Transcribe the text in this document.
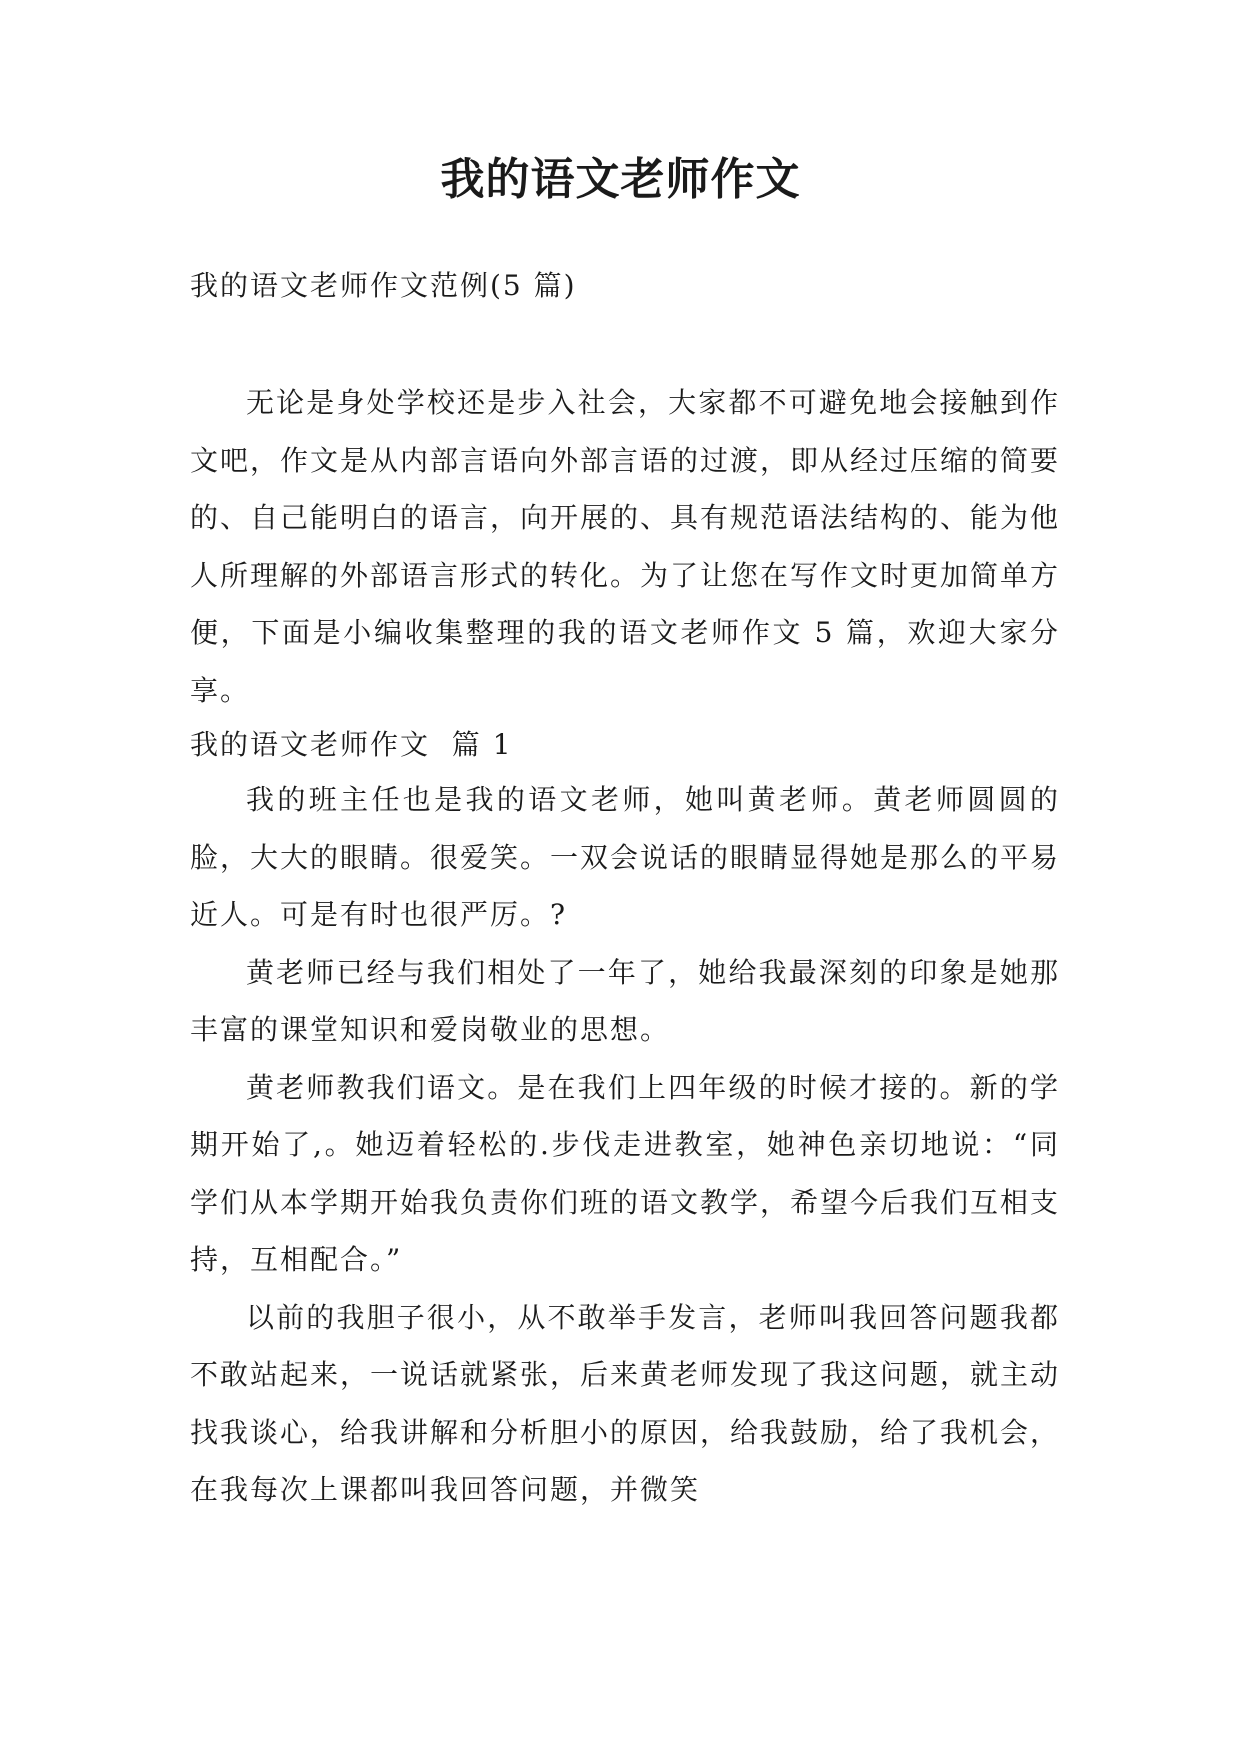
我的语文老师作文

我的语文老师作文范例(5 篇)

无论是身处学校还是步入社会，大家都不可避免地会接触到作文吧，作文是从内部言语向外部言语的过渡，即从经过压缩的简要的、自己能明白的语言，向开展的、具有规范语法结构的、能为他人所理解的外部语言形式的转化。为了让您在写作文时更加简单方便，下面是小编收集整理的我的语文老师作文 5 篇，欢迎大家分享。

我的语文老师作文  篇 1

我的班主任也是我的语文老师，她叫黄老师。黄老师圆圆的脸，大大的眼睛。很爱笑。一双会说话的眼睛显得她是那么的平易近人。可是有时也很严厉。?

黄老师已经与我们相处了一年了，她给我最深刻的印象是她那丰富的课堂知识和爱岗敬业的思想。

黄老师教我们语文。是在我们上四年级的时候才接的。新的学期开始了,。她迈着轻松的.步伐走进教室，她神色亲切地说：“同学们从本学期开始我负责你们班的语文教学，希望今后我们互相支持，互相配合。”

以前的我胆子很小，从不敢举手发言，老师叫我回答问题我都不敢站起来，一说话就紧张，后来黄老师发现了我这问题，就主动找我谈心，给我讲解和分析胆小的原因，给我鼓励，给了我机会，在我每次上课都叫我回答问题，并微笑
